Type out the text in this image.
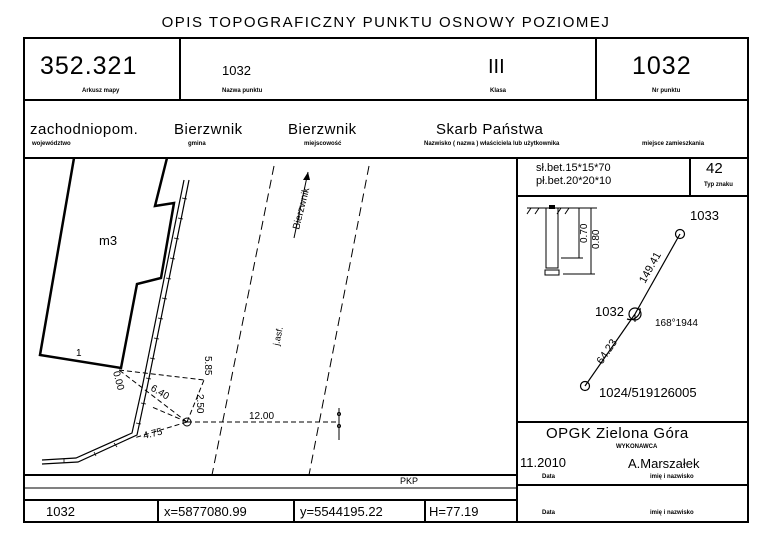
OPIS TOPOGRAFICZNY PUNKTU OSNOWY POZIOMEJ
352.321
Arkusz mapy
1032
Nazwa punktu
III
Klasa
1032
Nr punktu
zachodniopom.
województwo
Bierzwnik
gmina
Bierzwnik
miejscowość
Skarb Państwa
Nazwisko ( nazwa ) właściciela lub użytkownika	miejsce zamieszkania
sł.bet.15*15*70
pł.bet.20*20*10
42
Typ znaku
0.70 0.80
1033
1032
1024/519126005
149.41
64.23
168°1944
OPGK Zielona Góra
WYKONAWCA
11.2010
Data
A.Marszałek
imię i nazwisko
Data	imię i nazwisko
1032	x=5877080.99	y=5544195.22	H=77.19
m3
1
Bierzwnik
j.asf.
5.85
2.50
6.40
0.00
4.75
12.00
PKP
